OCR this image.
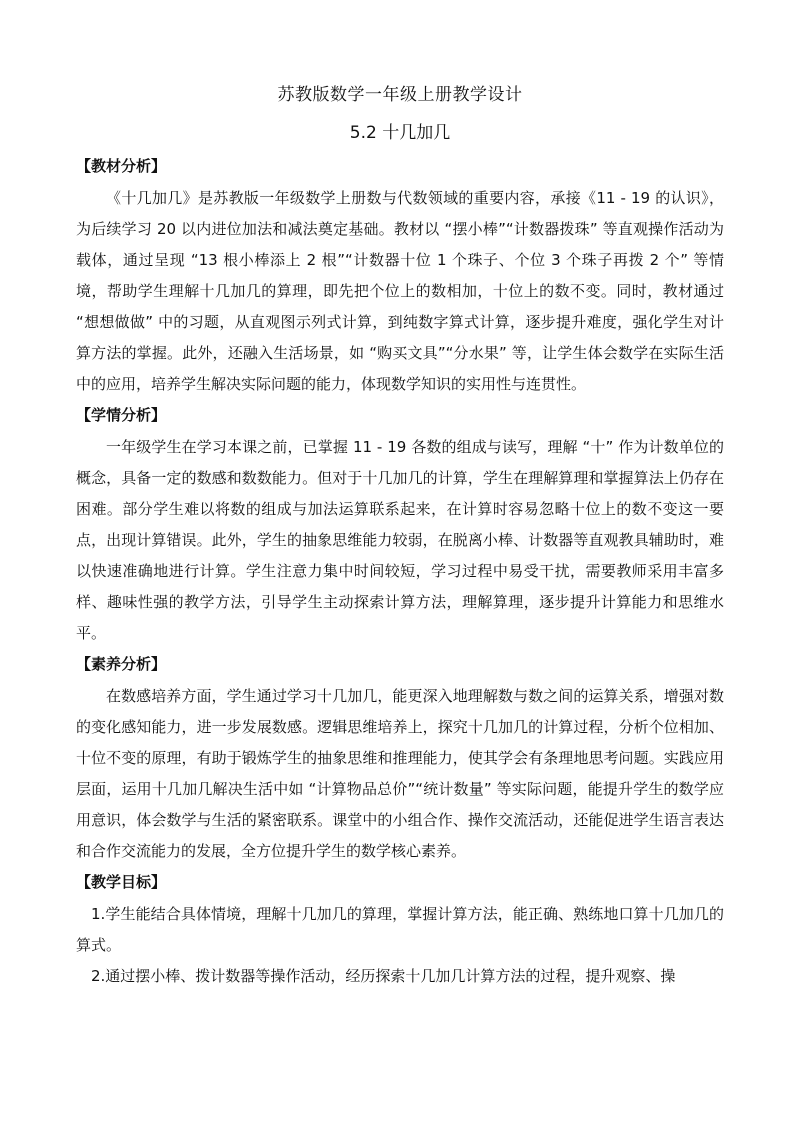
苏教版数学一年级上册教学设计
5.2 十几加几

【教材分析】

《十几加几》是苏教版一年级数学上册数与代数领域的重要内容，承接《11 - 19 的认识》，为后续学习 20 以内进位加法和减法奠定基础。教材以 “摆小棒”“计数器拨珠” 等直观操作活动为载体，通过呈现 “13 根小棒添上 2 根”“计数器十位 1 个珠子、个位 3 个珠子再拨 2 个” 等情境，帮助学生理解十几加几的算理，即先把个位上的数相加，十位上的数不变。同时，教材通过 “想想做做” 中的习题，从直观图示列式计算，到纯数字算式计算，逐步提升难度，强化学生对计算方法的掌握。此外，还融入生活场景，如 “购买文具”“分水果” 等，让学生体会数学在实际生活中的应用，培养学生解决实际问题的能力，体现数学知识的实用性与连贯性。

【学情分析】

一年级学生在学习本课之前，已掌握 11 - 19 各数的组成与读写，理解 “十” 作为计数单位的概念，具备一定的数感和数数能力。但对于十几加几的计算，学生在理解算理和掌握算法上仍存在困难。部分学生难以将数的组成与加法运算联系起来，在计算时容易忽略十位上的数不变这一要点，出现计算错误。此外，学生的抽象思维能力较弱，在脱离小棒、计数器等直观教具辅助时，难以快速准确地进行计算。学生注意力集中时间较短，学习过程中易受干扰，需要教师采用丰富多样、趣味性强的教学方法，引导学生主动探索计算方法，理解算理，逐步提升计算能力和思维水平。

【素养分析】

在数感培养方面，学生通过学习十几加几，能更深入地理解数与数之间的运算关系，增强对数的变化感知能力，进一步发展数感。逻辑思维培养上，探究十几加几的计算过程，分析个位相加、十位不变的原理，有助于锻炼学生的抽象思维和推理能力，使其学会有条理地思考问题。实践应用层面，运用十几加几解决生活中如 “计算物品总价”“统计数量” 等实际问题，能提升学生的数学应用意识，体会数学与生活的紧密联系。课堂中的小组合作、操作交流活动，还能促进学生语言表达和合作交流能力的发展，全方位提升学生的数学核心素养。

【教学目标】

1.学生能结合具体情境，理解十几加几的算理，掌握计算方法，能正确、熟练地口算十几加几的算式。

2.通过摆小棒、拨计数器等操作活动，经历探索十几加几计算方法的过程，提升观察、操
